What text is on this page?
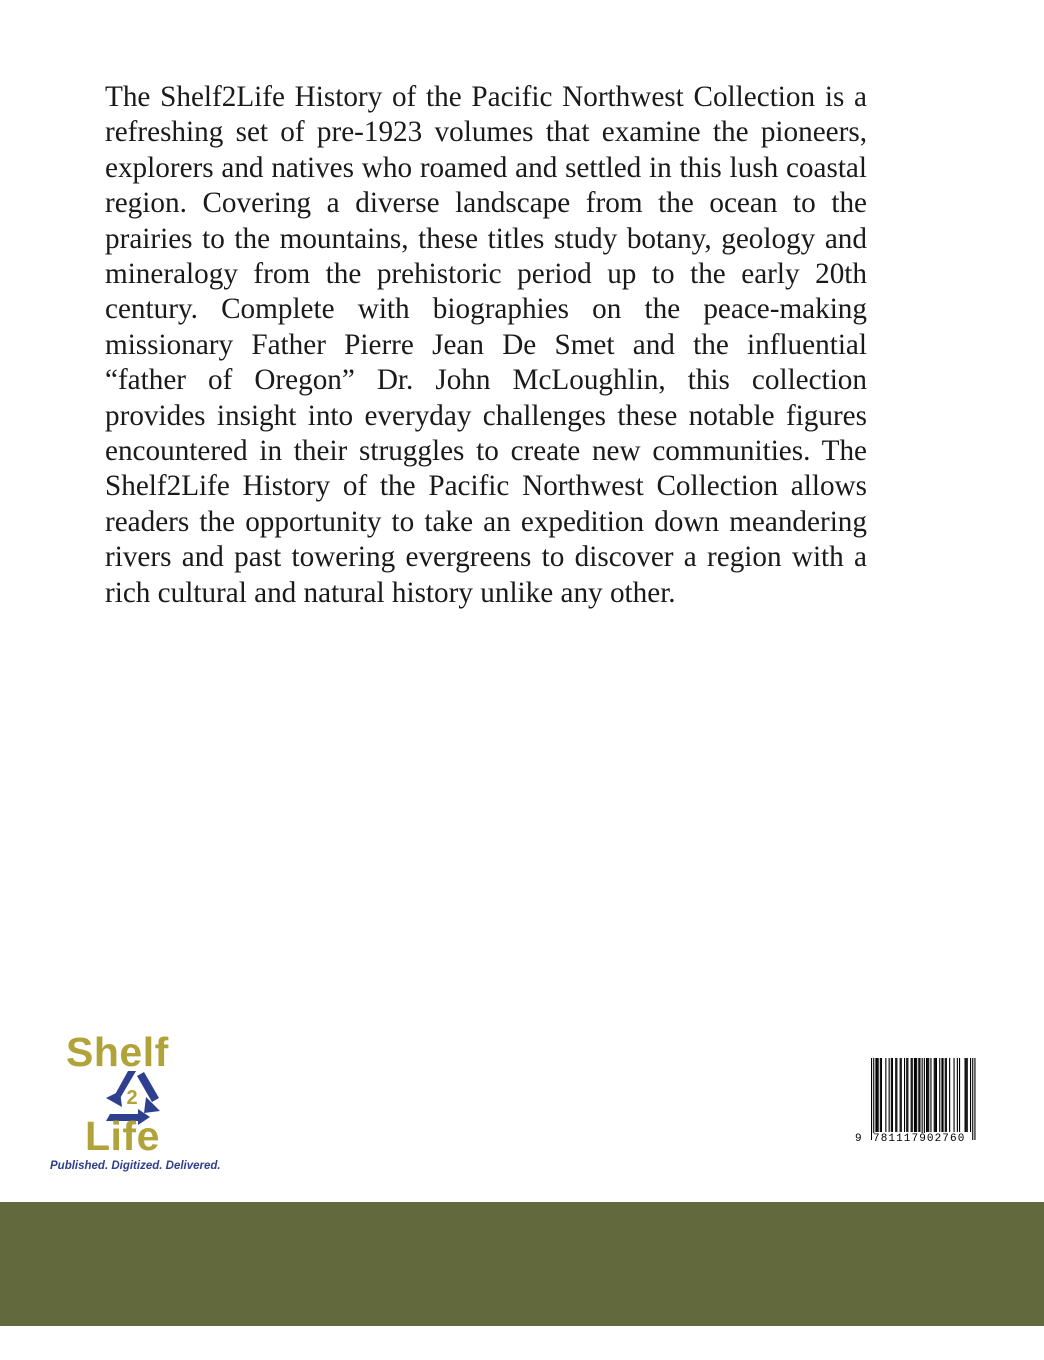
The Shelf2Life History of the Pacific Northwest Collection is a refreshing set of pre-1923 volumes that examine the pioneers, explorers and natives who roamed and settled in this lush coastal region. Covering a diverse landscape from the ocean to the prairies to the mountains, these titles study botany, geology and mineralogy from the prehistoric period up to the early 20th century. Complete with biographies on the peace-making missionary Father Pierre Jean De Smet and the influential “father of Oregon” Dr. John McLoughlin, this collection provides insight into everyday challenges these notable figures encountered in their struggles to create new communities. The Shelf2Life History of the Pacific Northwest Collection allows readers the opportunity to take an expedition down meandering rivers and past towering evergreens to discover a region with a rich cultural and natural history unlike any other.

Shelf
2
Life
Published. Digitized. Delivered.
9 781117902760
